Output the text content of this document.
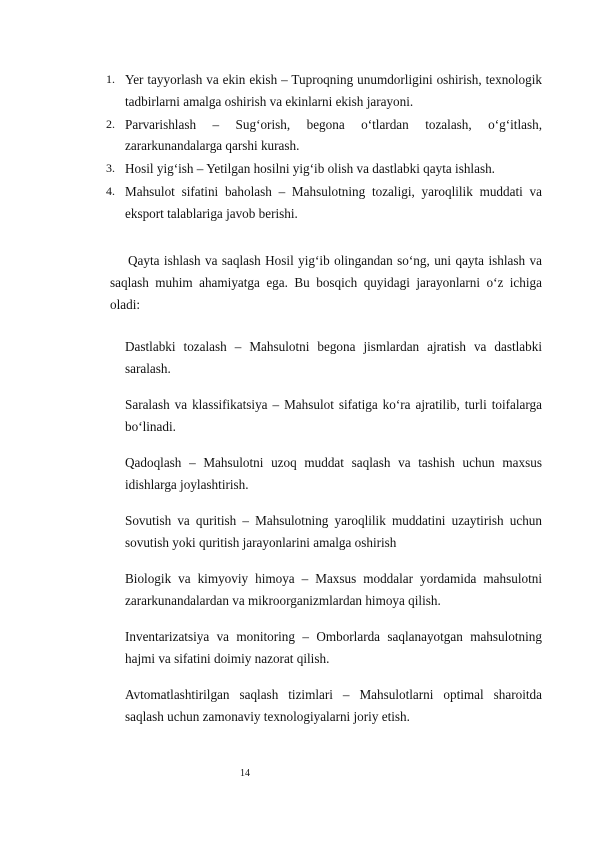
1. Yer tayyorlash va ekin ekish – Tuproqning unumdorligini oshirish, texnologik tadbirlarni amalga oshirish va ekinlarni ekish jarayoni.
2. Parvarishlash – Sug‘orish, begona o‘tlardan tozalash, o‘g‘itlash, zararkunandalarga qarshi kurash.
3. Hosil yig‘ish – Yetilgan hosilni yig‘ib olish va dastlabki qayta ishlash.
4. Mahsulot sifatini baholash – Mahsulotning tozaligi, yaroqlilik muddati va eksport talablariga javob berishi.

Qayta ishlash va saqlash Hosil yig‘ib olingandan so‘ng, uni qayta ishlash va saqlash muhim ahamiyatga ega. Bu bosqich quyidagi jarayonlarni o‘z ichiga oladi:

Dastlabki tozalash – Mahsulotni begona jismlardan ajratish va dastlabki saralash.

Saralash va klassifikatsiya – Mahsulot sifatiga ko‘ra ajratilib, turli toifalarga bo‘linadi.

Qadoqlash – Mahsulotni uzoq muddat saqlash va tashish uchun maxsus idishlarga joylashtirish.

Sovutish va quritish – Mahsulotning yaroqlilik muddatini uzaytirish uchun sovutish yoki quritish jarayonlarini amalga oshirish

Biologik va kimyoviy himoya – Maxsus moddalar yordamida mahsulotni zararkunandalardan va mikroorganizmlardan himoya qilish.

Inventarizatsiya va monitoring – Omborlarda saqlanayotgan mahsulotning hajmi va sifatini doimiy nazorat qilish.

Avtomatlashtirilgan saqlash tizimlari – Mahsulotlarni optimal sharoitda saqlash uchun zamonaviy texnologiyalarni joriy etish.

14
